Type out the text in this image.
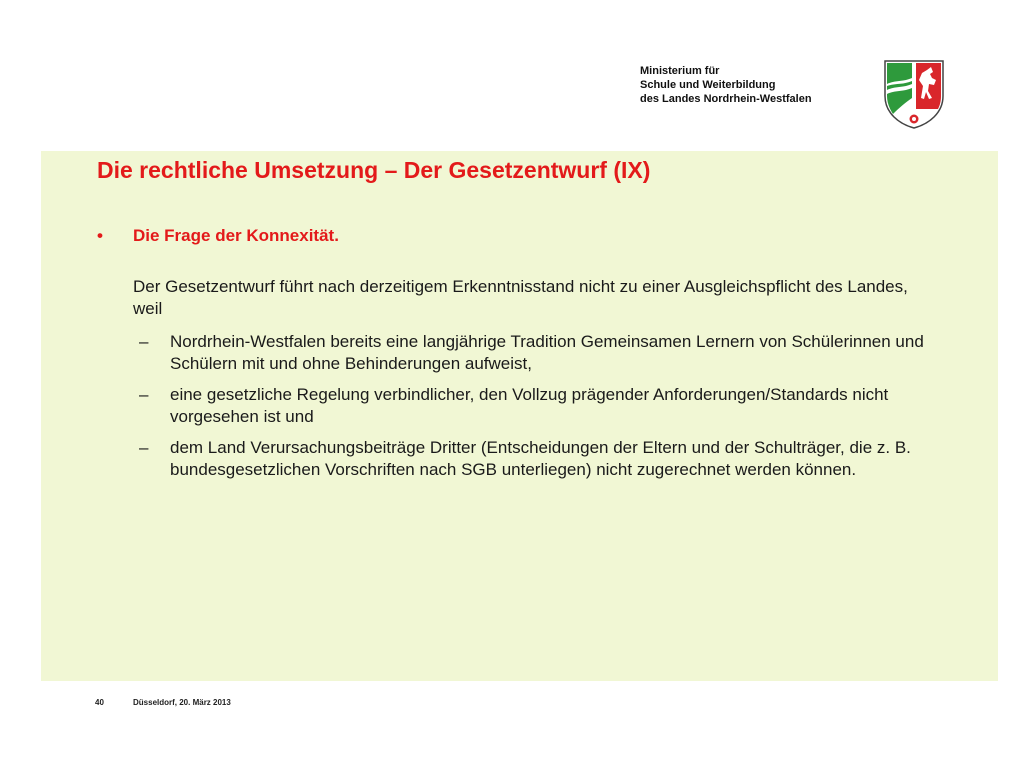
Ministerium für
Schule und Weiterbildung
des Landes Nordrhein-Westfalen
Die rechtliche Umsetzung – Der Gesetzentwurf (IX)
• Die Frage der Konnexität.
Der Gesetzentwurf führt nach derzeitigem Erkenntnisstand nicht zu einer Ausgleichspflicht des Landes, weil
– Nordrhein-Westfalen bereits eine langjährige Tradition Gemeinsamen Lernern von Schülerinnen und Schülern mit und ohne Behinderungen aufweist,
– eine gesetzliche Regelung verbindlicher, den Vollzug prägender Anforderungen/Standards nicht vorgesehen ist und
– dem Land Verursachungsbeiträge Dritter (Entscheidungen der Eltern und der Schulträger, die z. B. bundesgesetzlichen Vorschriften nach SGB unterliegen) nicht zugerechnet werden können.
40	Düsseldorf, 20. März 2013
